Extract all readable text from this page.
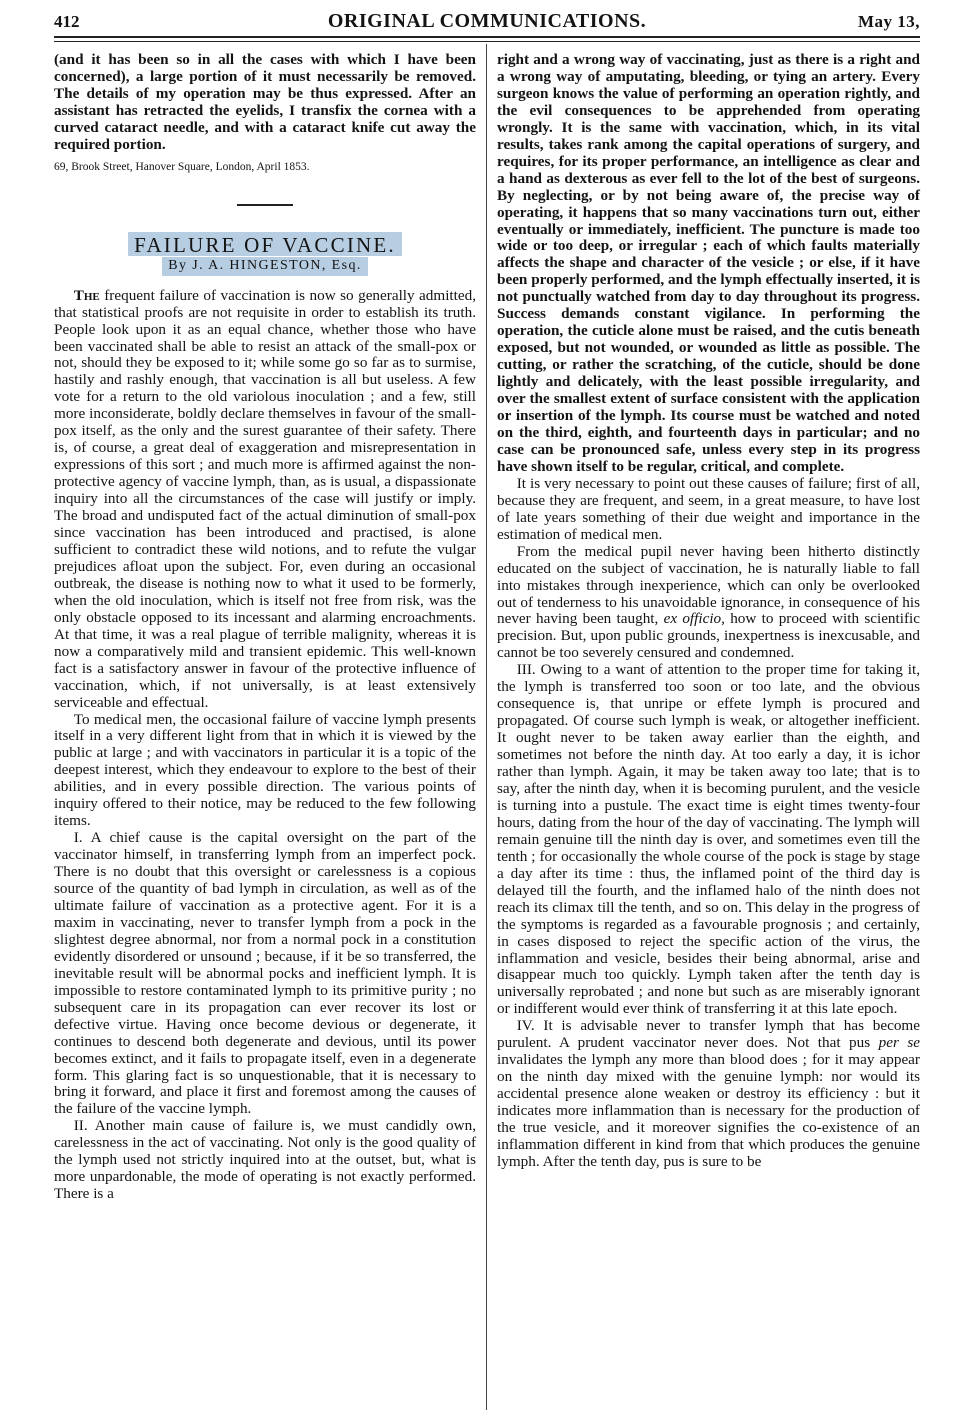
412	ORIGINAL COMMUNICATIONS.	May 13,

(and it has been so in all the cases with which I have been concerned), a large portion of it must necessarily be removed. The details of my operation may be thus expressed. After an assistant has retracted the eyelids, I transfix the cornea with a curved cataract needle, and with a cataract knife cut away the required portion.

69, Brook Street, Hanover Square, London, April 1853.

FAILURE OF VACCINE.
By J. A. HINGESTON, Esq.

The frequent failure of vaccination is now so generally admitted, that statistical proofs are not requisite in order to establish its truth. People look upon it as an equal chance, whether those who have been vaccinated shall be able to resist an attack of the small-pox or not, should they be exposed to it; while some go so far as to surmise, hastily and rashly enough, that vaccination is all but useless. A few vote for a return to the old variolous inoculation ; and a few, still more inconsiderate, boldly declare themselves in favour of the small-pox itself, as the only and the surest guarantee of their safety. There is, of course, a great deal of exaggeration and misrepresentation in expressions of this sort ; and much more is affirmed against the non-protective agency of vaccine lymph, than, as is usual, a dispassionate inquiry into all the circumstances of the case will justify or imply. The broad and undisputed fact of the actual diminution of small-pox since vaccination has been introduced and practised, is alone sufficient to contradict these wild notions, and to refute the vulgar prejudices afloat upon the subject. For, even during an occasional outbreak, the disease is nothing now to what it used to be formerly, when the old inoculation, which is itself not free from risk, was the only obstacle opposed to its incessant and alarming encroachments. At that time, it was a real plague of terrible malignity, whereas it is now a comparatively mild and transient epidemic. This well-known fact is a satisfactory answer in favour of the protective influence of vaccination, which, if not universally, is at least extensively serviceable and effectual.

To medical men, the occasional failure of vaccine lymph presents itself in a very different light from that in which it is viewed by the public at large ; and with vaccinators in particular it is a topic of the deepest interest, which they endeavour to explore to the best of their abilities, and in every possible direction. The various points of inquiry offered to their notice, may be reduced to the few following items.

I. A chief cause is the capital oversight on the part of the vaccinator himself, in transferring lymph from an imperfect pock. There is no doubt that this oversight or carelessness is a copious source of the quantity of bad lymph in circulation, as well as of the ultimate failure of vaccination as a protective agent. For it is a maxim in vaccinating, never to transfer lymph from a pock in the slightest degree abnormal, nor from a normal pock in a constitution evidently disordered or unsound ; because, if it be so transferred, the inevitable result will be abnormal pocks and inefficient lymph. It is impossible to restore contaminated lymph to its primitive purity ; no subsequent care in its propagation can ever recover its lost or defective virtue. Having once become devious or degenerate, it continues to descend both degenerate and devious, until its power becomes extinct, and it fails to propagate itself, even in a degenerate form. This glaring fact is so unquestionable, that it is necessary to bring it forward, and place it first and foremost among the causes of the failure of the vaccine lymph.

II. Another main cause of failure is, we must candidly own, carelessness in the act of vaccinating. Not only is the good quality of the lymph used not strictly inquired into at the outset, but, what is more unpardonable, the mode of operating is not exactly performed. There is a

right and a wrong way of vaccinating, just as there is a right and a wrong way of amputating, bleeding, or tying an artery. Every surgeon knows the value of performing an operation rightly, and the evil consequences to be apprehended from operating wrongly. It is the same with vaccination, which, in its vital results, takes rank among the capital operations of surgery, and requires, for its proper performance, an intelligence as clear and a hand as dexterous as ever fell to the lot of the best of surgeons. By neglecting, or by not being aware of, the precise way of operating, it happens that so many vaccinations turn out, either eventually or immediately, inefficient. The puncture is made too wide or too deep, or irregular ; each of which faults materially affects the shape and character of the vesicle ; or else, if it have been properly performed, and the lymph effectually inserted, it is not punctually watched from day to day throughout its progress. Success demands constant vigilance. In performing the operation, the cuticle alone must be raised, and the cutis beneath exposed, but not wounded, or wounded as little as possible. The cutting, or rather the scratching, of the cuticle, should be done lightly and delicately, with the least possible irregularity, and over the smallest extent of surface consistent with the application or insertion of the lymph. Its course must be watched and noted on the third, eighth, and fourteenth days in particular; and no case can be pronounced safe, unless every step in its progress have shown itself to be regular, critical, and complete.

It is very necessary to point out these causes of failure; first of all, because they are frequent, and seem, in a great measure, to have lost of late years something of their due weight and importance in the estimation of medical men.

From the medical pupil never having been hitherto distinctly educated on the subject of vaccination, he is naturally liable to fall into mistakes through inexperience, which can only be overlooked out of tenderness to his unavoidable ignorance, in consequence of his never having been taught, ex officio, how to proceed with scientific precision. But, upon public grounds, inexpertness is inexcusable, and cannot be too severely censured and condemned.

III. Owing to a want of attention to the proper time for taking it, the lymph is transferred too soon or too late, and the obvious consequence is, that unripe or effete lymph is procured and propagated. Of course such lymph is weak, or altogether inefficient. It ought never to be taken away earlier than the eighth, and sometimes not before the ninth day. At too early a day, it is ichor rather than lymph. Again, it may be taken away too late; that is to say, after the ninth day, when it is becoming purulent, and the vesicle is turning into a pustule. The exact time is eight times twenty-four hours, dating from the hour of the day of vaccinating. The lymph will remain genuine till the ninth day is over, and sometimes even till the tenth ; for occasionally the whole course of the pock is stage by stage a day after its time : thus, the inflamed point of the third day is delayed till the fourth, and the inflamed halo of the ninth does not reach its climax till the tenth, and so on. This delay in the progress of the symptoms is regarded as a favourable prognosis ; and certainly, in cases disposed to reject the specific action of the virus, the inflammation and vesicle, besides their being abnormal, arise and disappear much too quickly. Lymph taken after the tenth day is universally reprobated ; and none but such as are miserably ignorant or indifferent would ever think of transferring it at this late epoch.

IV. It is advisable never to transfer lymph that has become purulent. A prudent vaccinator never does. Not that pus per se invalidates the lymph any more than blood does ; for it may appear on the ninth day mixed with the genuine lymph: nor would its accidental presence alone weaken or destroy its efficiency : but it indicates more inflammation than is necessary for the production of the true vesicle, and it moreover signifies the co-existence of an inflammation different in kind from that which produces the genuine lymph. After the tenth day, pus is sure to be
